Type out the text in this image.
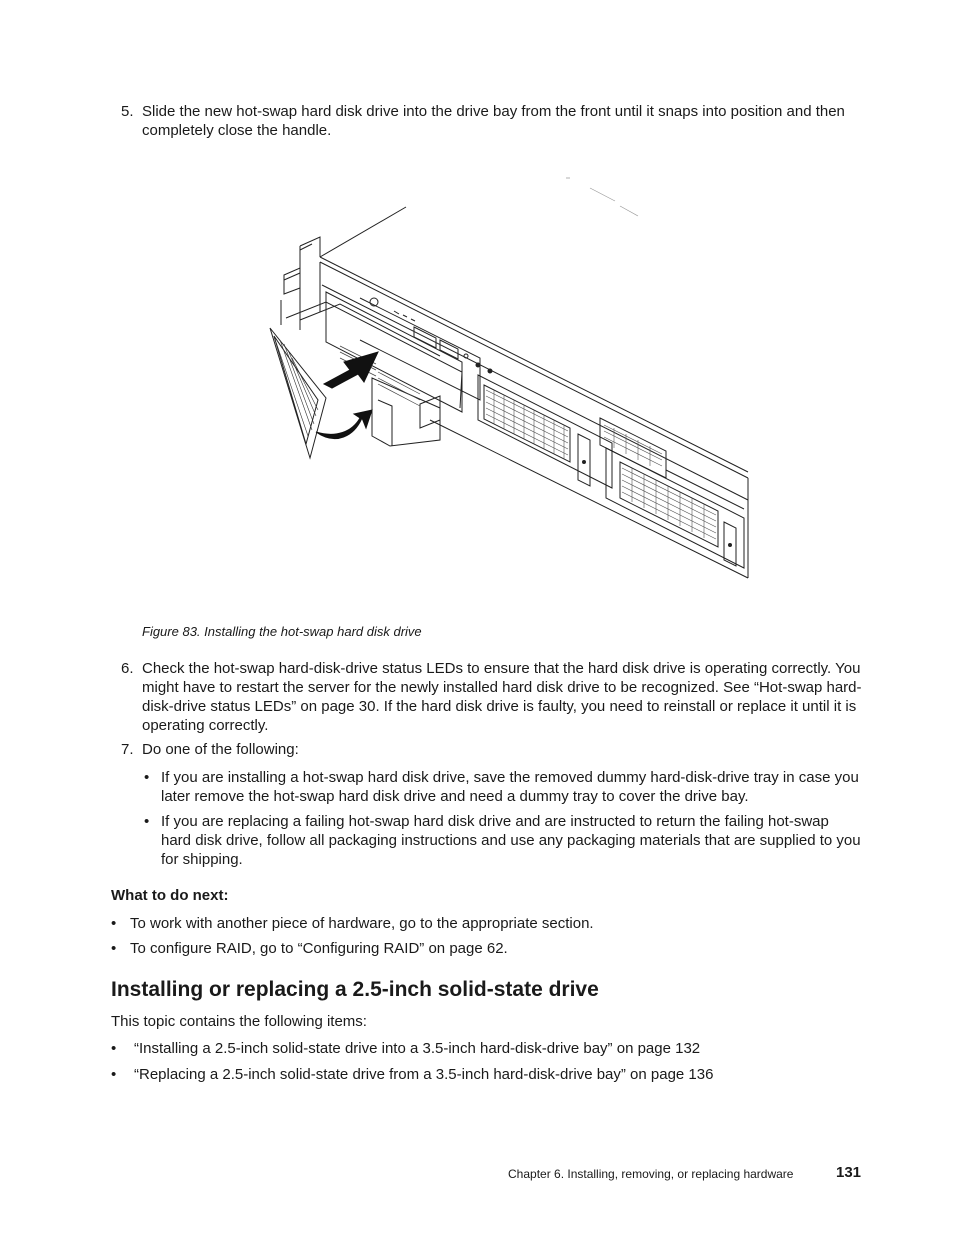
5. Slide the new hot-swap hard disk drive into the drive bay from the front until it snaps into position and then completely close the handle.
Figure 83. Installing the hot-swap hard disk drive
6. Check the hot-swap hard-disk-drive status LEDs to ensure that the hard disk drive is operating correctly. You might have to restart the server for the newly installed hard disk drive to be recognized. See “Hot-swap hard-disk-drive status LEDs” on page 30. If the hard disk drive is faulty, you need to reinstall or replace it until it is operating correctly.
7. Do one of the following:
• If you are installing a hot-swap hard disk drive, save the removed dummy hard-disk-drive tray in case you later remove the hot-swap hard disk drive and need a dummy tray to cover the drive bay.
• If you are replacing a failing hot-swap hard disk drive and are instructed to return the failing hot-swap hard disk drive, follow all packaging instructions and use any packaging materials that are supplied to you for shipping.
What to do next:
• To work with another piece of hardware, go to the appropriate section.
• To configure RAID, go to “Configuring RAID” on page 62.
Installing or replacing a 2.5-inch solid-state drive
This topic contains the following items:
• “Installing a 2.5-inch solid-state drive into a 3.5-inch hard-disk-drive bay” on page 132
• “Replacing a 2.5-inch solid-state drive from a 3.5-inch hard-disk-drive bay” on page 136
Chapter 6. Installing, removing, or replacing hardware	131
